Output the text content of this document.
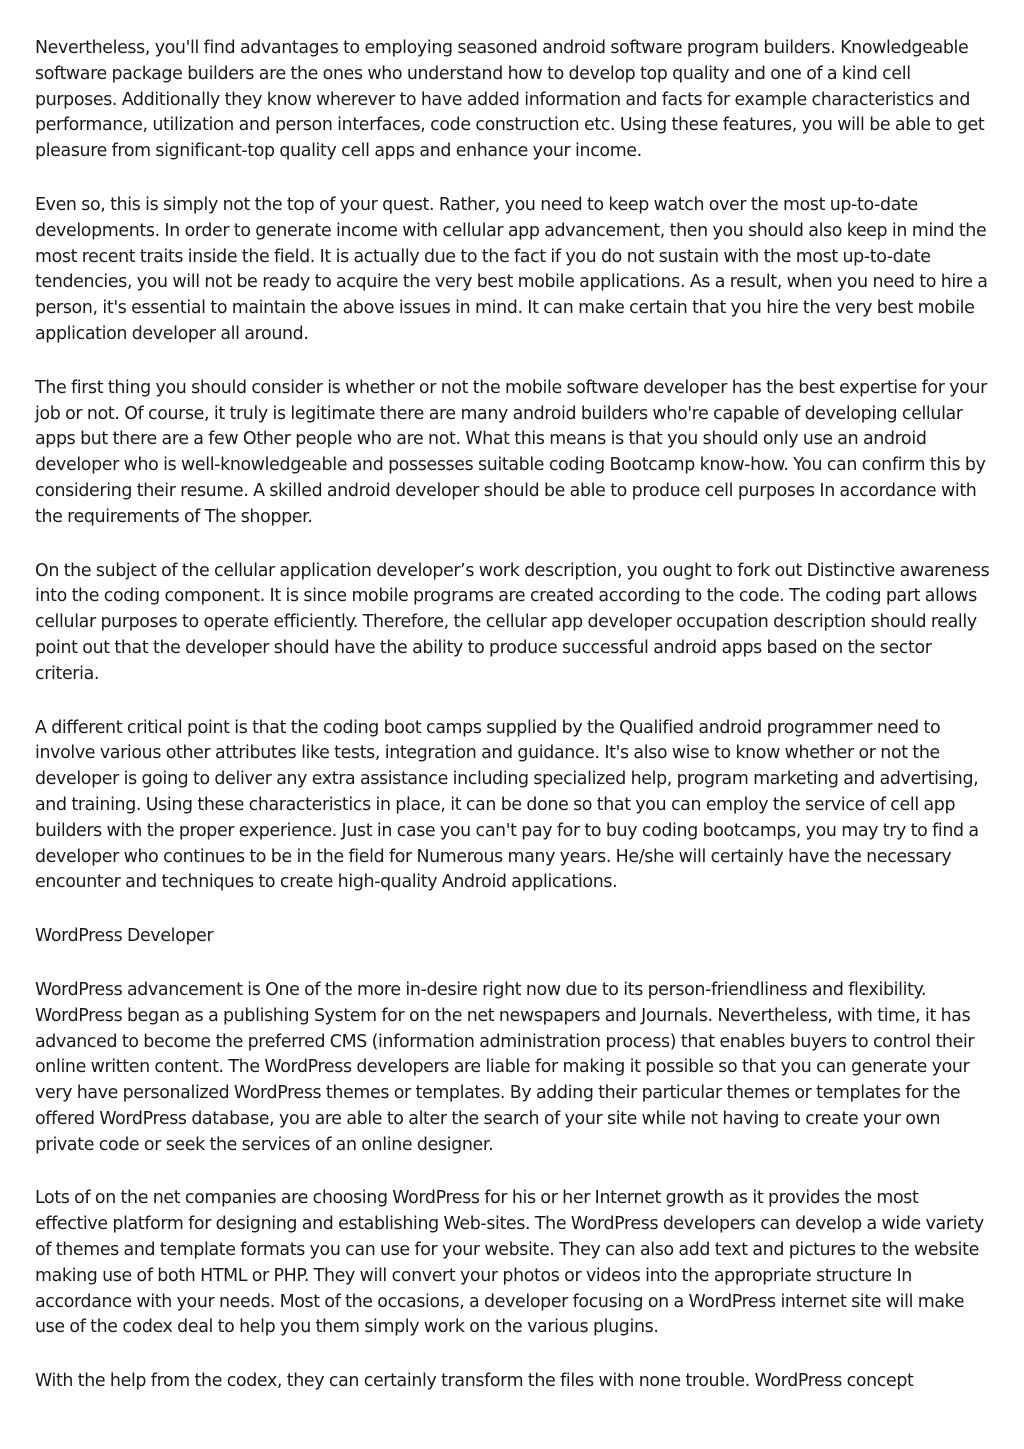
Nevertheless, you'll find advantages to employing seasoned android software program builders. Knowledgeable software package builders are the ones who understand how to develop top quality and one of a kind cell purposes. Additionally they know wherever to have added information and facts for example characteristics and performance, utilization and person interfaces, code construction etc. Using these features, you will be able to get pleasure from significant-top quality cell apps and enhance your income.

Even so, this is simply not the top of your quest. Rather, you need to keep watch over the most up-to-date developments. In order to generate income with cellular app advancement, then you should also keep in mind the most recent traits inside the field. It is actually due to the fact if you do not sustain with the most up-to-date tendencies, you will not be ready to acquire the very best mobile applications. As a result, when you need to hire a person, it's essential to maintain the above issues in mind. It can make certain that you hire the very best mobile application developer all around.

The first thing you should consider is whether or not the mobile software developer has the best expertise for your job or not. Of course, it truly is legitimate there are many android builders who're capable of developing cellular apps but there are a few Other people who are not. What this means is that you should only use an android developer who is well-knowledgeable and possesses suitable coding Bootcamp know-how. You can confirm this by considering their resume. A skilled android developer should be able to produce cell purposes In accordance with the requirements of The shopper.

On the subject of the cellular application developer’s work description, you ought to fork out Distinctive awareness into the coding component. It is since mobile programs are created according to the code. The coding part allows cellular purposes to operate efficiently. Therefore, the cellular app developer occupation description should really point out that the developer should have the ability to produce successful android apps based on the sector criteria.

A different critical point is that the coding boot camps supplied by the Qualified android programmer need to involve various other attributes like tests, integration and guidance. It's also wise to know whether or not the developer is going to deliver any extra assistance including specialized help, program marketing and advertising, and training. Using these characteristics in place, it can be done so that you can employ the service of cell app builders with the proper experience. Just in case you can't pay for to buy coding bootcamps, you may try to find a developer who continues to be in the field for Numerous many years. He/she will certainly have the necessary encounter and techniques to create high-quality Android applications.

WordPress Developer

WordPress advancement is One of the more in-desire right now due to its person-friendliness and flexibility. WordPress began as a publishing System for on the net newspapers and Journals. Nevertheless, with time, it has advanced to become the preferred CMS (information administration process) that enables buyers to control their online written content. The WordPress developers are liable for making it possible so that you can generate your very have personalized WordPress themes or templates. By adding their particular themes or templates for the offered WordPress database, you are able to alter the search of your site while not having to create your own private code or seek the services of an online designer.

Lots of on the net companies are choosing WordPress for his or her Internet growth as it provides the most effective platform for designing and establishing Web-sites. The WordPress developers can develop a wide variety of themes and template formats you can use for your website. They can also add text and pictures to the website making use of both HTML or PHP. They will convert your photos or videos into the appropriate structure In accordance with your needs. Most of the occasions, a developer focusing on a WordPress internet site will make use of the codex deal to help you them simply work on the various plugins.

With the help from the codex, they can certainly transform the files with none trouble. WordPress concept
